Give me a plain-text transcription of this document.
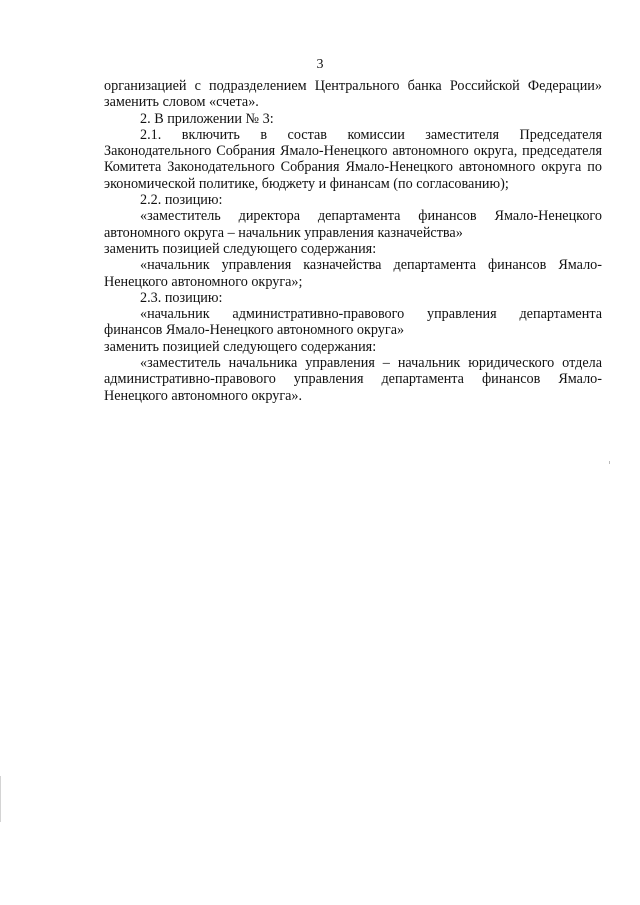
3

организацией с подразделением Центрального банка Российской Федерации» заменить словом «счета».

2. В приложении № 3:

2.1. включить в состав комиссии заместителя Председателя Законодательного Собрания Ямало-Ненецкого автономного округа, председателя Комитета Законодательного Собрания Ямало-Ненецкого автономного округа по экономической политике, бюджету и финансам (по согласованию);

2.2. позицию:

«заместитель директора департамента финансов Ямало-Ненецкого автономного округа – начальник управления казначейства»

заменить позицией следующего содержания:

«начальник управления казначейства департамента финансов Ямало-Ненецкого автономного округа»;

2.3. позицию:

«начальник административно-правового управления департамента финансов Ямало-Ненецкого автономного округа»

заменить позицией следующего содержания:

«заместитель начальника управления – начальник юридического отдела административно-правового управления департамента финансов Ямало-Ненецкого автономного округа».
